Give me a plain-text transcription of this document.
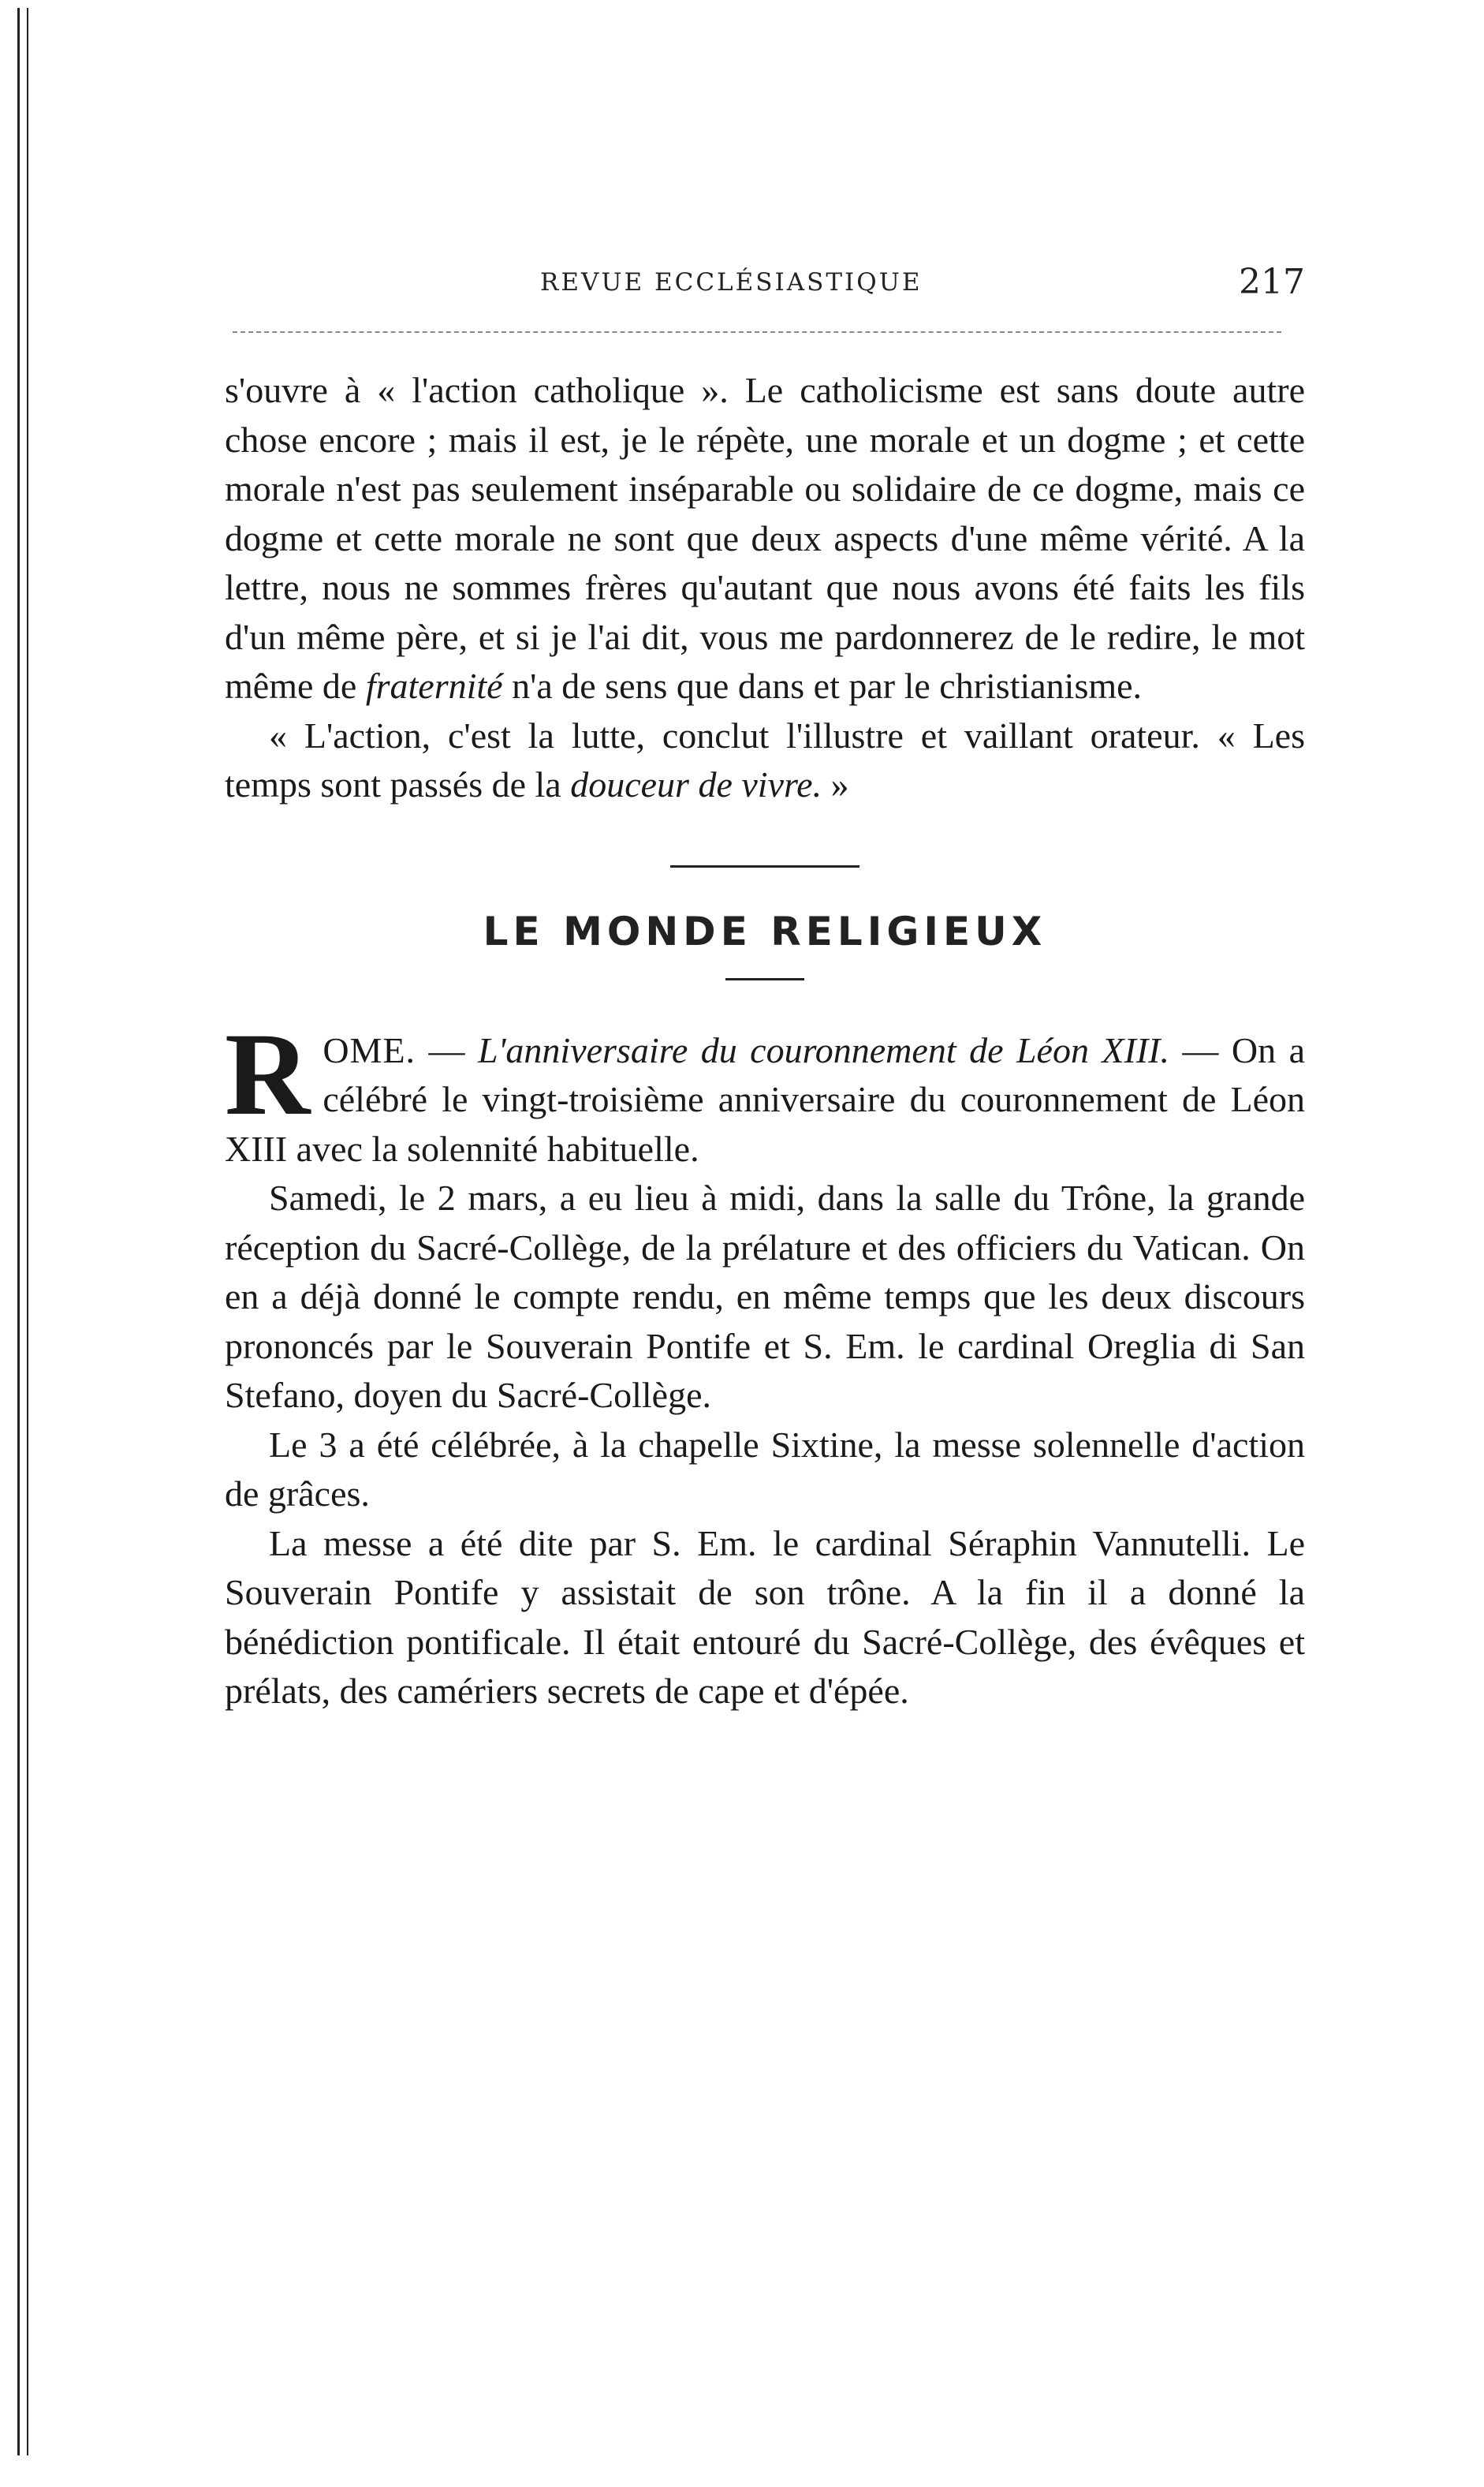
REVUE ECCLÉSIASTIQUE	217

s'ouvre à « l'action catholique ». Le catholicisme est sans doute autre chose encore ; mais il est, je le répète, une morale et un dogme ; et cette morale n'est pas seulement inséparable ou solidaire de ce dogme, mais ce dogme et cette morale ne sont que deux aspects d'une même vérité. A la lettre, nous ne sommes frères qu'autant que nous avons été faits les fils d'un même père, et si je l'ai dit, vous me pardonnerez de le redire, le mot même de fraternité n'a de sens que dans et par le christianisme.

« L'action, c'est la lutte, conclut l'illustre et vaillant orateur. « Les temps sont passés de la douceur de vivre. »

LE MONDE RELIGIEUX

ROME. — L'anniversaire du couronnement de Léon XIII. — On a célébré le vingt-troisième anniversaire du couronnement de Léon XIII avec la solennité habituelle.

Samedi, le 2 mars, a eu lieu à midi, dans la salle du Trône, la grande réception du Sacré-Collège, de la prélature et des officiers du Vatican. On en a déjà donné le compte rendu, en même temps que les deux discours prononcés par le Souverain Pontife et S. Em. le cardinal Oreglia di San Stefano, doyen du Sacré-Collège.

Le 3 a été célébrée, à la chapelle Sixtine, la messe solennelle d'action de grâces.

La messe a été dite par S. Em. le cardinal Séraphin Vannutelli. Le Souverain Pontife y assistait de son trône. A la fin il a donné la bénédiction pontificale. Il était entouré du Sacré-Collège, des évêques et prélats, des camériers secrets de cape et d'épée.
